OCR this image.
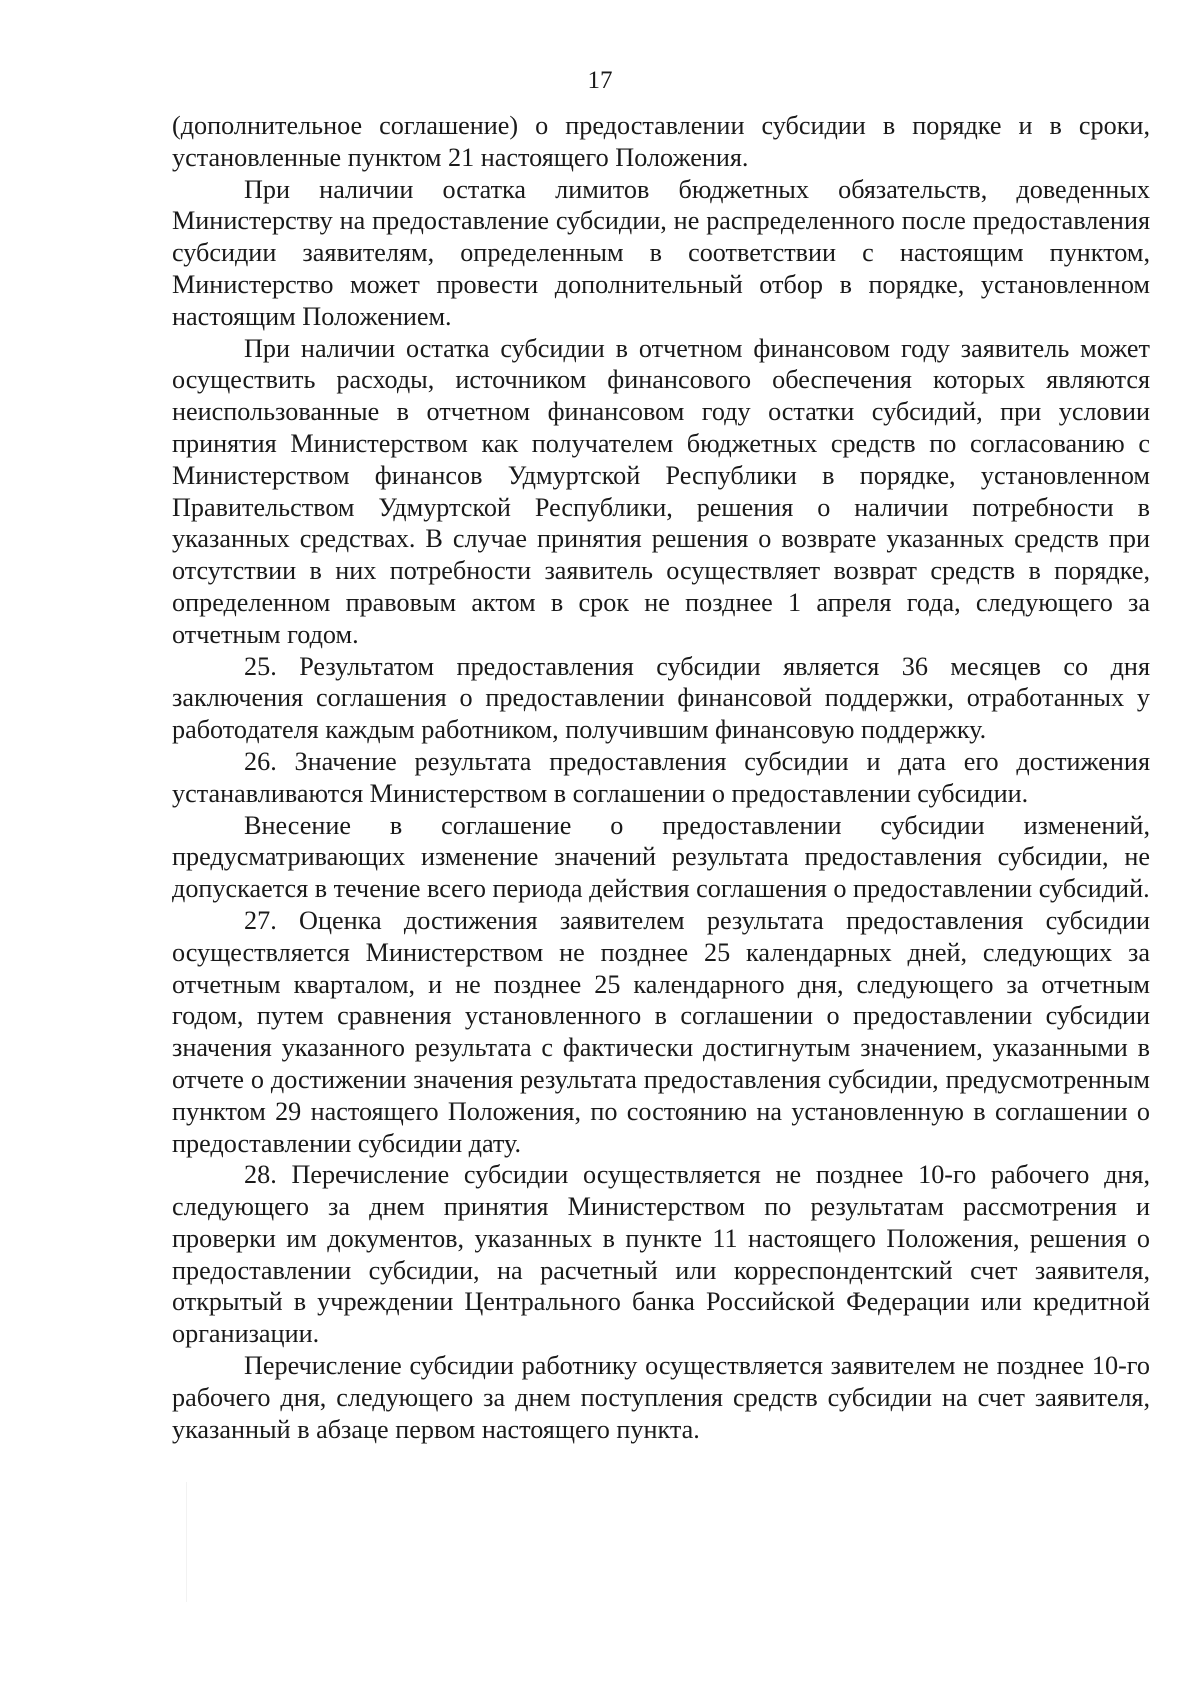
17

(дополнительное соглашение) о предоставлении субсидии в порядке и в сроки, установленные пунктом 21 настоящего Положения.

При наличии остатка лимитов бюджетных обязательств, доведенных Министерству на предоставление субсидии, не распределенного после предоставления субсидии заявителям, определенным в соответствии с настоящим пунктом, Министерство может провести дополнительный отбор в порядке, установленном настоящим Положением.

При наличии остатка субсидии в отчетном финансовом году заявитель может осуществить расходы, источником финансового обеспечения которых являются неиспользованные в отчетном финансовом году остатки субсидий, при условии принятия Министерством как получателем бюджетных средств по согласованию с Министерством финансов Удмуртской Республики в порядке, установленном Правительством Удмуртской Республики, решения о наличии потребности в указанных средствах. В случае принятия решения о возврате указанных средств при отсутствии в них потребности заявитель осуществляет возврат средств в порядке, определенном правовым актом в срок не позднее 1 апреля года, следующего за отчетным годом.

25. Результатом предоставления субсидии является 36 месяцев со дня заключения соглашения о предоставлении финансовой поддержки, отработанных у работодателя каждым работником, получившим финансовую поддержку.

26. Значение результата предоставления субсидии и дата его достижения устанавливаются Министерством в соглашении о предоставлении субсидии.

Внесение в соглашение о предоставлении субсидии изменений, предусматривающих изменение значений результата предоставления субсидии, не допускается в течение всего периода действия соглашения о предоставлении субсидий.

27. Оценка достижения заявителем результата предоставления субсидии осуществляется Министерством не позднее 25 календарных дней, следующих за отчетным кварталом, и не позднее 25 календарного дня, следующего за отчетным годом, путем сравнения установленного в соглашении о предоставлении субсидии значения указанного результата с фактически достигнутым значением, указанными в отчете о достижении значения результата предоставления субсидии, предусмотренным пунктом 29 настоящего Положения, по состоянию на установленную в соглашении о предоставлении субсидии дату.

28. Перечисление субсидии осуществляется не позднее 10-го рабочего дня, следующего за днем принятия Министерством по результатам рассмотрения и проверки им документов, указанных в пункте 11 настоящего Положения, решения о предоставлении субсидии, на расчетный или корреспондентский счет заявителя, открытый в учреждении Центрального банка Российской Федерации или кредитной организации.

Перечисление субсидии работнику осуществляется заявителем не позднее 10-го рабочего дня, следующего за днем поступления средств субсидии на счет заявителя, указанный в абзаце первом настоящего пункта.
